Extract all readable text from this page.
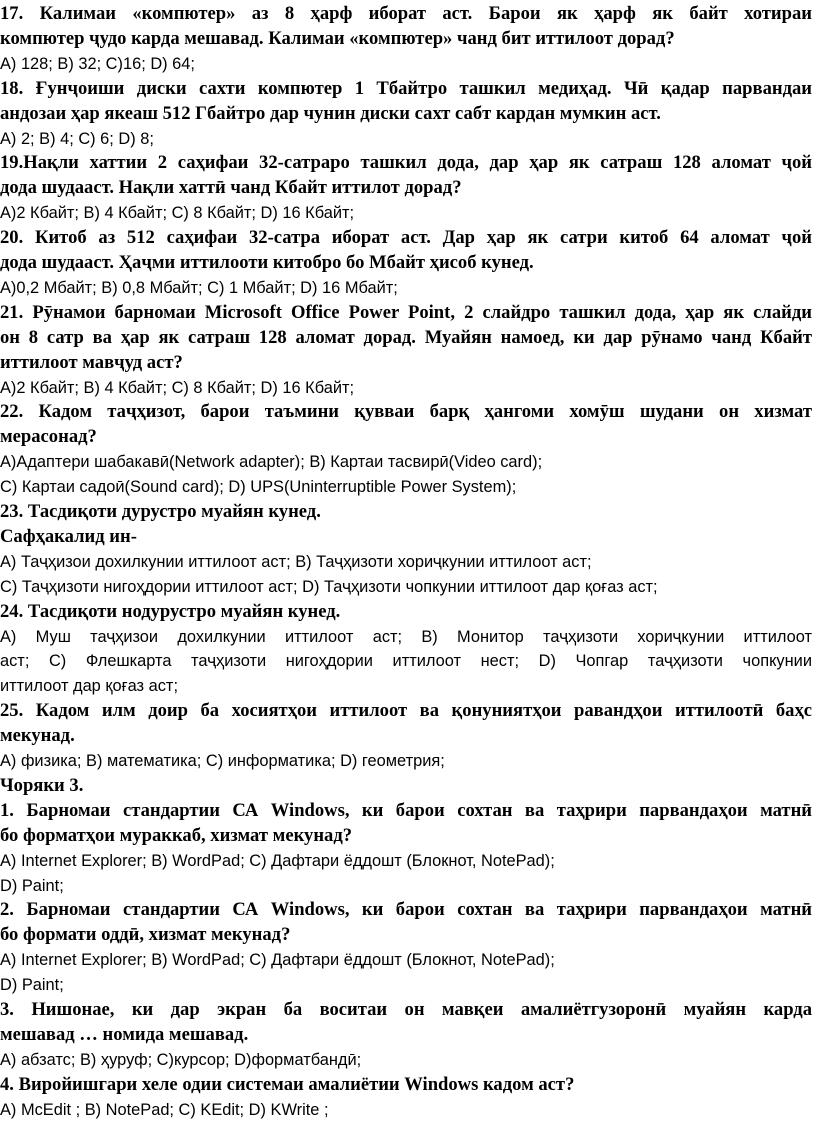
17. Калимаи «компютер» аз 8 ҳарф иборат аст. Барои як ҳарф як байт хотираи
компютер ҷудо карда мешавад. Калимаи «компютер» чанд бит иттилоот дорад?
А) 128; В) 32; С)16; D) 64;
18. Ғунҷоиши диски сахти компютер 1 Тбайтро ташкил медиҳад. Чӣ қадар парвандаи
андозаи ҳар якеаш 512 Гбайтро дар чунин диски сахт сабт кардан мумкин аст.
А) 2; В) 4; С) 6; D) 8;
19.Нақли хаттии 2 саҳифаи 32-сатраро ташкил дода, дар ҳар як сатраш 128 аломат ҷой
дода шудааст. Нақли хаттӣ чанд Кбайт иттилот дорад?
А)2 Кбайт; В) 4 Кбайт; С) 8 Кбайт; D) 16 Кбайт;
20. Китоб аз 512 саҳифаи 32-сатра иборат аст. Дар ҳар як сатри китоб 64 аломат ҷой
дода шудааст. Ҳаҷми иттилооти китобро бо Мбайт ҳисоб кунед.
А)0,2 Мбайт; В) 0,8 Мбайт; С) 1 Мбайт; D) 16 Мбайт;
21. Рӯнамои барномаи Microsoft Office Power Point, 2 слайдро ташкил дода, ҳар як слайди
он 8 сатр ва ҳар як сатраш 128 аломат дорад. Муайян намоед, ки дар рӯнамо чанд Кбайт
иттилоот мавҷуд аст?
А)2 Кбайт; В) 4 Кбайт; С) 8 Кбайт; D) 16 Кбайт;
22. Кадом таҷҳизот, барои таъмини қувваи барқ ҳангоми хомӯш шудани он хизмат
мерасонад?
А)Адаптери шабакавӣ(Network adapter); В) Картаи тасвирӣ(Video card);
С) Картаи садоӣ(Sound card); D) UPS(Uninterruptible Power System);
23. Тасдиқоти дурустро муайян кунед.
Сафҳакалид ин-
А) Таҷҳизои дохилкунии иттилоот аст; В) Таҷҳизоти хориҷкунии иттилоот аст;
С) Таҷҳизоти нигоҳдории иттилоот аст; D) Таҷҳизоти чопкунии иттилоот дар қоғаз аст;
24. Тасдиқоти нодурустро муайян кунед.
А) Муш таҷҳизои дохилкунии иттилоот аст; В) Монитор таҷҳизоти хориҷкунии иттилоот
аст; С) Флешкарта таҷҳизоти нигоҳдории иттилоот нест; D) Чопгар таҷҳизоти чопкунии
иттилоот дар қоғаз аст;
25. Кадом илм доир ба хосиятҳои иттилоот ва қонуниятҳои равандҳои иттилоотӣ баҳс
мекунад.
А) физика; В) математика; С) информатика; D) геометрия;
Чоряки 3.
1. Барномаи стандартии СА Windows, ки барои сохтан ва таҳрири парвандаҳои матнӣ
бо форматҳои мураккаб, хизмат мекунад?
А) Internet Explorer; В) WordPad; С) Дафтари ёддошт (Блокнот, NotePad);
D) Paint;
2. Барномаи стандартии СА Windows, ки барои сохтан ва таҳрири парвандаҳои матнӣ
бо формати оддӣ, хизмат мекунад?
А) Internet Explorer; В) WordPad; С) Дафтари ёддошт (Блокнот, NotePad);
D) Paint;
3. Нишонае, ки дар экран ба воситаи он мавқеи амалиётгузоронӣ муайян карда
мешавад … номида мешавад.
А) абзатс; В) ҳуруф; С)курсор; D)форматбандӣ;
4. Виройишгари хеле одии системаи амалиётии Windows кадом аст?
А) McEdit ; В) NotePad; С) KEdit; D) KWrite ;
